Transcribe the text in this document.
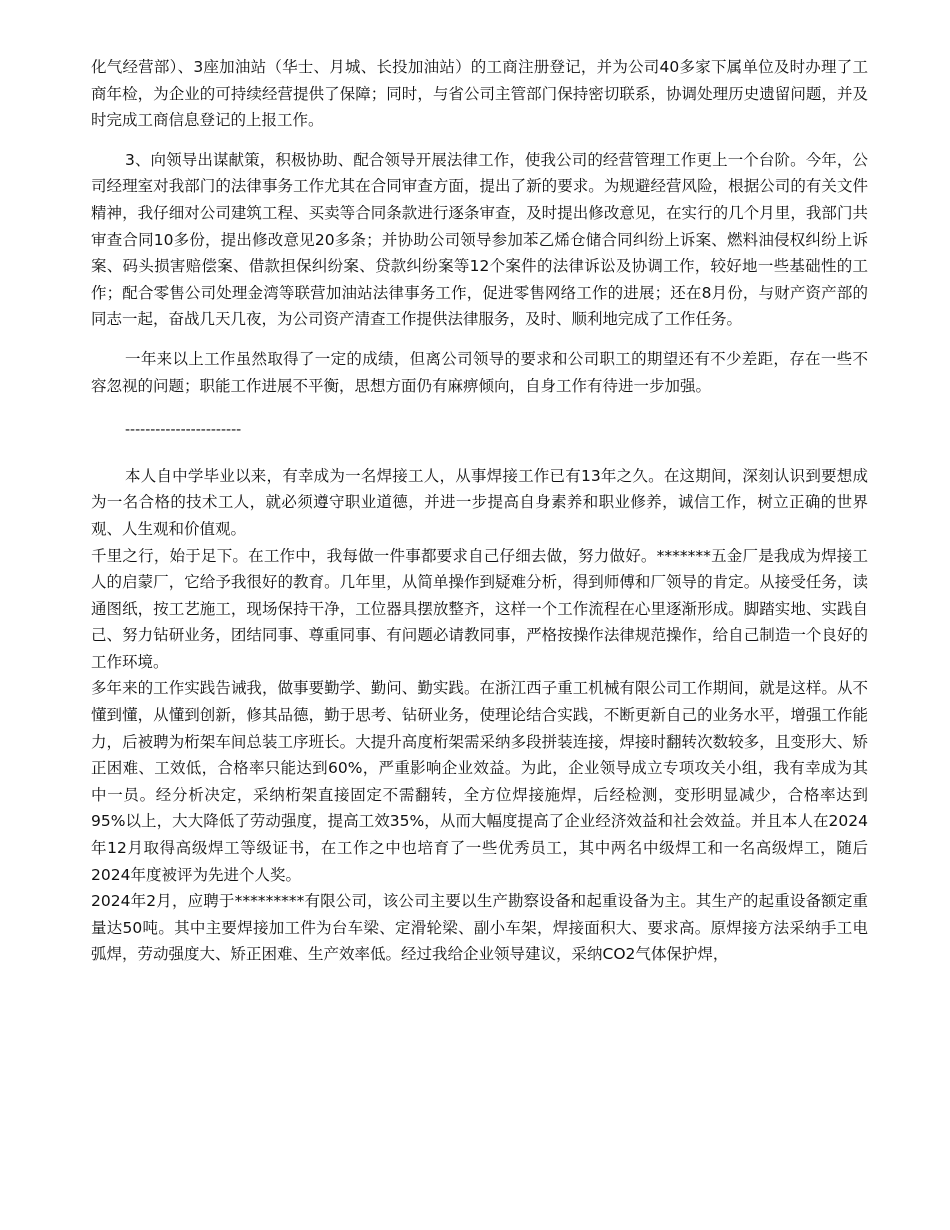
化气经营部）、3座加油站（华士、月城、长投加油站）的工商注册登记，并为公司40多家下属单位及时办理了工商年检，为企业的可持续经营提供了保障；同时，与省公司主管部门保持密切联系，协调处理历史遗留问题，并及时完成工商信息登记的上报工作。

3、向领导出谋献策，积极协助、配合领导开展法律工作，使我公司的经营管理工作更上一个台阶。今年，公司经理室对我部门的法律事务工作尤其在合同审查方面，提出了新的要求。为规避经营风险，根据公司的有关文件精神，我仔细对公司建筑工程、买卖等合同条款进行逐条审查，及时提出修改意见，在实行的几个月里，我部门共审查合同10多份，提出修改意见20多条；并协助公司领导参加苯乙烯仓储合同纠纷上诉案、燃料油侵权纠纷上诉案、码头损害赔偿案、借款担保纠纷案、贷款纠纷案等12个案件的法律诉讼及协调工作，较好地一些基础性的工作；配合零售公司处理金湾等联营加油站法律事务工作，促进零售网络工作的进展；还在8月份，与财产资产部的同志一起，奋战几天几夜，为公司资产清查工作提供法律服务，及时、顺利地完成了工作任务。

一年来以上工作虽然取得了一定的成绩，但离公司领导的要求和公司职工的期望还有不少差距，存在一些不容忽视的问题；职能工作进展不平衡，思想方面仍有麻痹倾向，自身工作有待进一步加强。

-----------------------

本人自中学毕业以来，有幸成为一名焊接工人，从事焊接工作已有13年之久。在这期间，深刻认识到要想成为一名合格的技术工人，就必须遵守职业道德，并进一步提高自身素养和职业修养，诚信工作，树立正确的世界观、人生观和价值观。

千里之行，始于足下。在工作中，我每做一件事都要求自己仔细去做，努力做好。*******五金厂是我成为焊接工人的启蒙厂，它给予我很好的教育。几年里，从简单操作到疑难分析，得到师傅和厂领导的肯定。从接受任务，读通图纸，按工艺施工，现场保持干净，工位器具摆放整齐，这样一个工作流程在心里逐渐形成。脚踏实地、实践自己、努力钻研业务，团结同事、尊重同事、有问题必请教同事，严格按操作法律规范操作，给自己制造一个良好的工作环境。

多年来的工作实践告诫我，做事要勤学、勤问、勤实践。在浙江西子重工机械有限公司工作期间，就是这样。从不懂到懂，从懂到创新，修其品德，勤于思考、钻研业务，使理论结合实践，不断更新自己的业务水平，增强工作能力，后被聘为桁架车间总装工序班长。大提升高度桁架需采纳多段拼装连接，焊接时翻转次数较多，且变形大、矫正困难、工效低，合格率只能达到60%，严重影响企业效益。为此，企业领导成立专项攻关小组，我有幸成为其中一员。经分析决定，采纳桁架直接固定不需翻转，全方位焊接施焊，后经检测，变形明显减少，合格率达到95%以上，大大降低了劳动强度，提高工效35%，从而大幅度提高了企业经济效益和社会效益。并且本人在2024年12月取得高级焊工等级证书，在工作之中也培育了一些优秀员工，其中两名中级焊工和一名高级焊工，随后2024年度被评为先进个人奖。

2024年2月，应聘于*********有限公司，该公司主要以生产勘察设备和起重设备为主。其生产的起重设备额定重量达50吨。其中主要焊接加工件为台车梁、定滑轮梁、副小车架，焊接面积大、要求高。原焊接方法采纳手工电弧焊，劳动强度大、矫正困难、生产效率低。经过我给企业领导建议，采纳CO2气体保护焊，
